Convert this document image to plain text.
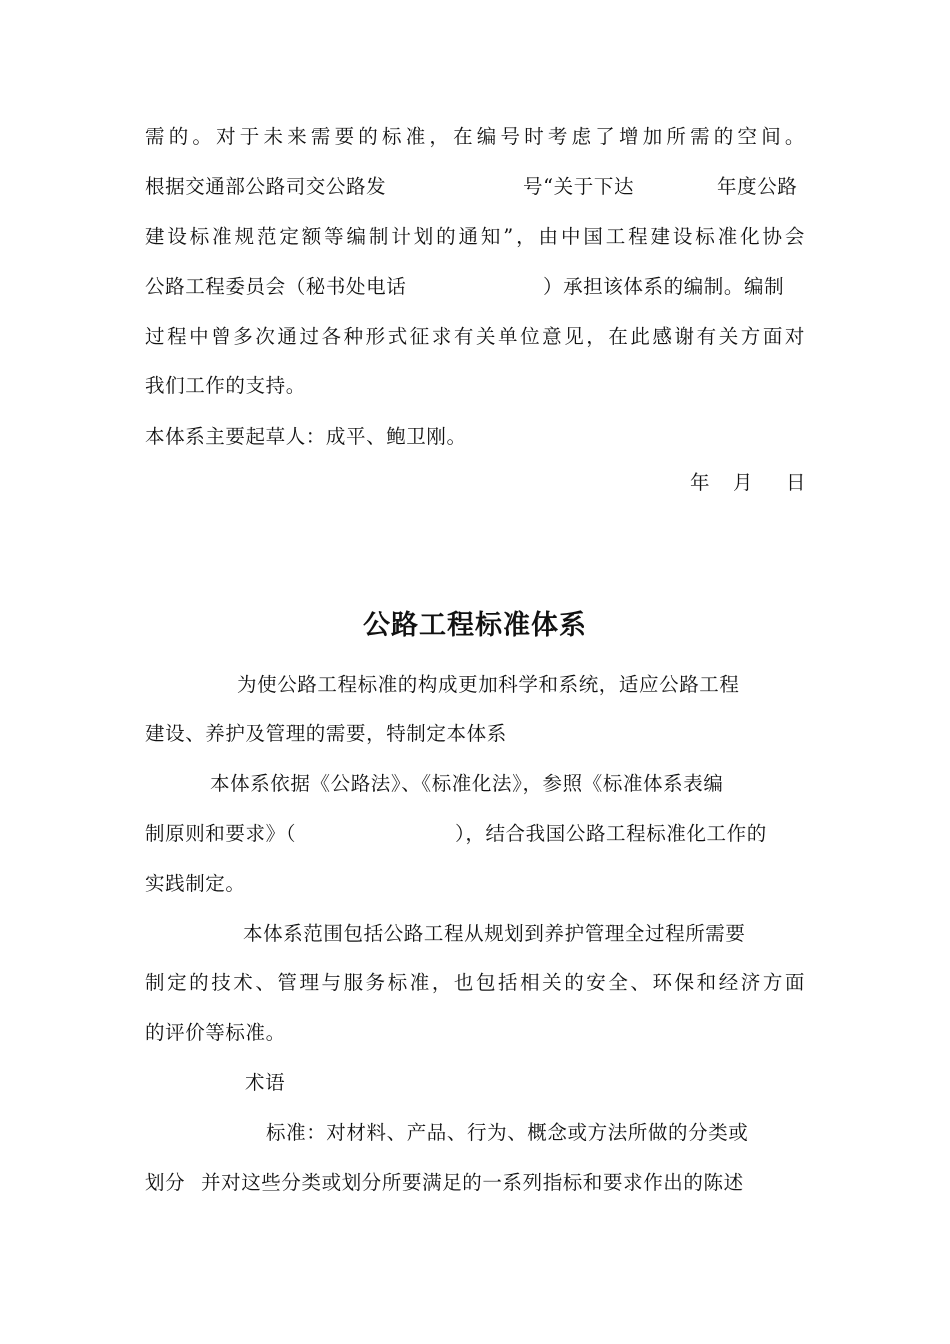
需的。对于未来需要的标准，在编号时考虑了增加所需的空间。
根据交通部公路司交公路发	号“关于下达	年度公路
建设标准规范定额等编制计划的通知”，由中国工程建设标准化协会
公路工程委员会（秘书处电话	）承担该体系的编制。编制
过程中曾多次通过各种形式征求有关单位意见，在此感谢有关方面对
我们工作的支持。
本体系主要起草人：成平、鲍卫刚。
年 月 日
公路工程标准体系
为使公路工程标准的构成更加科学和系统，适应公路工程
建设、养护及管理的需要，特制定本体系
本体系依据《公路法》、《标准化法》，参照《标准体系表编
制原则和要求》（	），结合我国公路工程标准化工作的
实践制定。
本体系范围包括公路工程从规划到养护管理全过程所需要
制定的技术、管理与服务标准，也包括相关的安全、环保和经济方面
的评价等标准。
术语
标准：对材料、产品、行为、概念或方法所做的分类或
划分 并对这些分类或划分所要满足的一系列指标和要求作出的陈述
